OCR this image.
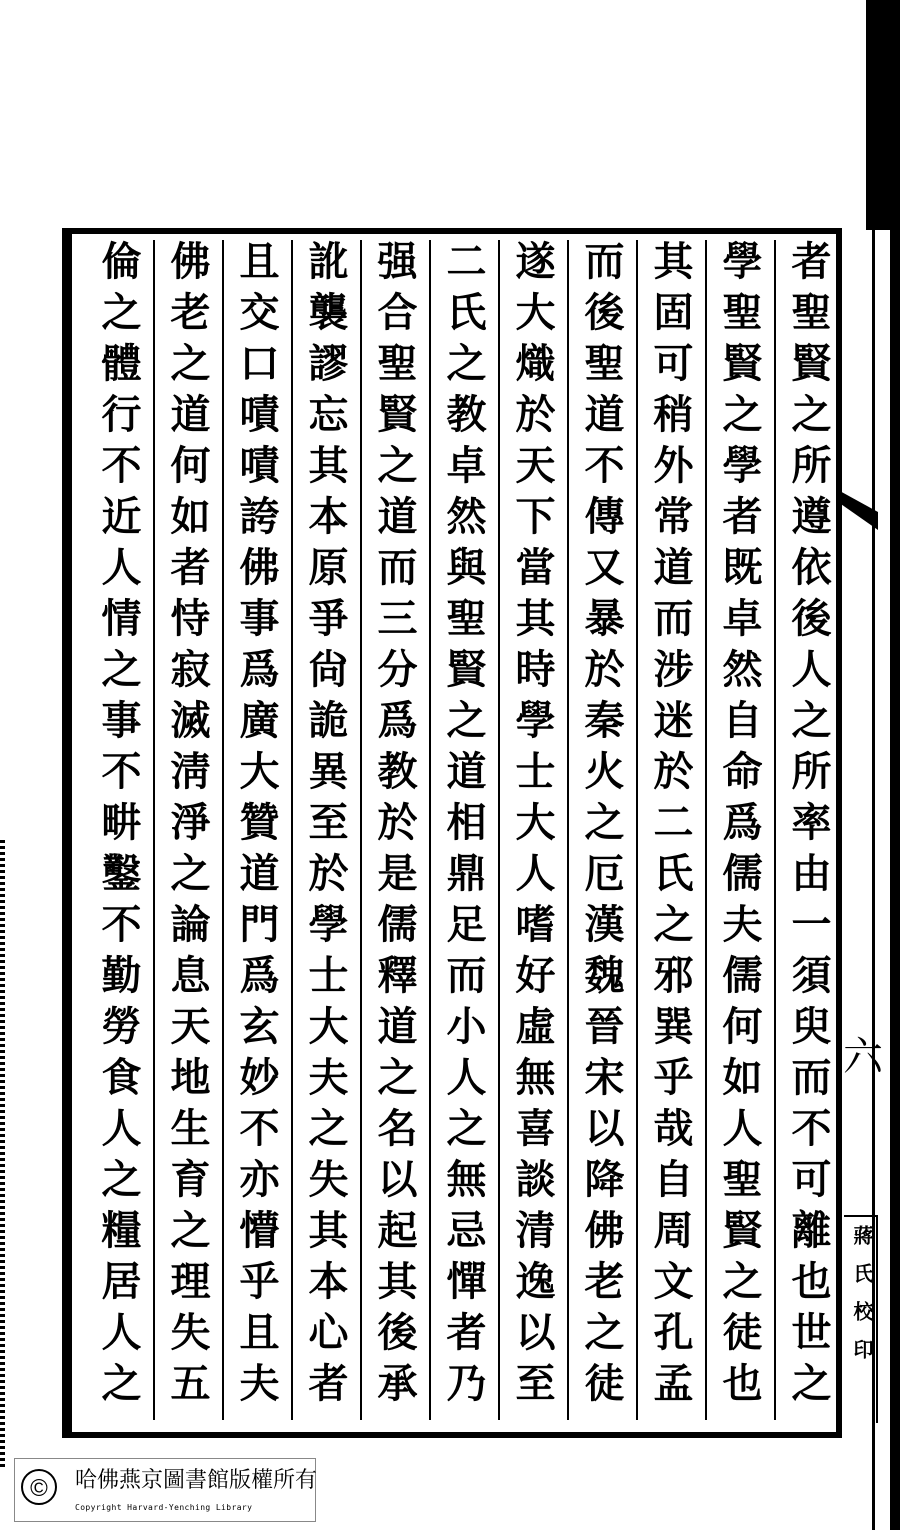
六
者聖賢之所遵依後人之所率由一須臾而不可離也世之
學聖賢之學者既卓然自命爲儒夫儒何如人聖賢之徒也
其固可稍外常道而涉迷於二氏之邪巽乎哉自周文孔孟
而後聖道不傳又暴於秦火之厄漢魏晉宋以降佛老之徒
遂大熾於天下當其時學士大人嗜好虛無喜談清逸以至
二氏之教卓然與聖賢之道相鼎足而小人之無忌憚者乃
强合聖賢之道而三分爲教於是儒釋道之名以起其後承
訛襲謬忘其本原爭尙詭異至於學士大夫之失其本心者
且交口嘖嘖誇佛事爲廣大贊道門爲玄妙不亦懵乎且夫
佛老之道何如者恃寂滅淸淨之論息天地生育之理失五
倫之體行不近人情之事不畊鑿不勤勞食人之糧居人之	蔣氏校印
©	哈佛燕京圖書館版權所有
Copyright Harvard-Yenching Library
